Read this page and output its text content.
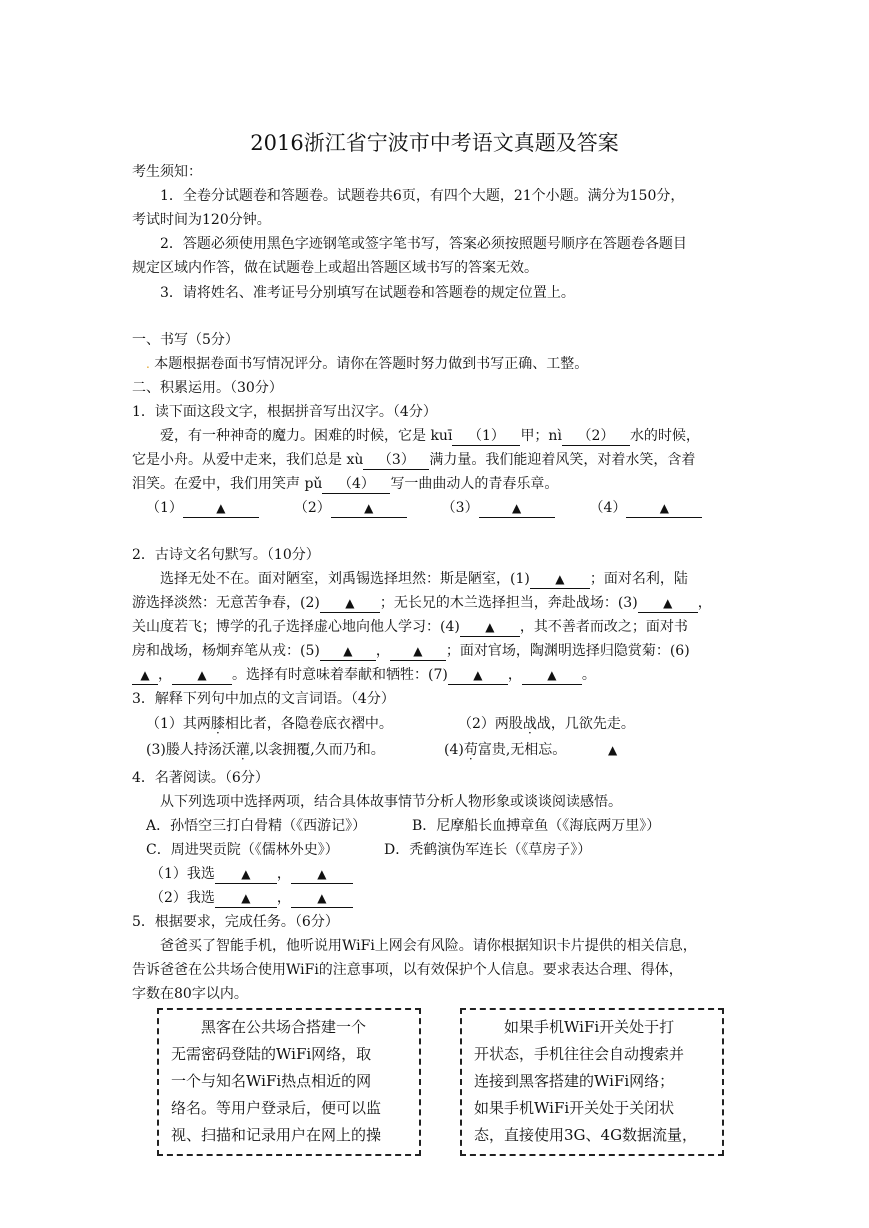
2016浙江省宁波市中考语文真题及答案
考生须知：
1．全卷分试题卷和答题卷。试题卷共6页，有四个大题，21个小题。满分为150分，
考试时间为120分钟。
2．答题必须使用黑色字迹钢笔或签字笔书写，答案必须按照题号顺序在答题卷各题目
规定区域内作答，做在试题卷上或超出答题区域书写的答案无效。
3．请将姓名、准考证号分别填写在试题卷和答题卷的规定位置上。
一、书写（5分）
. 本题根据卷面书写情况评分。请你在答题时努力做到书写正确、工整。
二、积累运用。（30分）
1．读下面这段文字，根据拼音写出汉字。（4分）
爱，有一种神奇的魔力。困难的时候，它是 kuī （1） 甲；nì （2） 水的时候，
它是小舟。从爱中走来，我们总是 xù （3） 满力量。我们能迎着风笑，对着水笑，含着
泪笑。在爱中，我们用笑声 pǔ （4） 写一曲曲动人的青春乐章。
（1）	▲	（2）	▲	（3）	▲	（4）	▲
2．古诗文名句默写。（10分）
选择无处不在。面对陋室，刘禹锡选择坦然：斯是陋室，(1) ▲ ；面对名利，陆
游选择淡然：无意苦争春，(2) ▲ ；无长兄的木兰选择担当，奔赴战场：(3) ▲ ，
关山度若飞；博学的孔子选择虚心地向他人学习：(4) ▲ ，其不善者而改之；面对书
房和战场，杨炯弃笔从戎：(5) ▲ ， ▲ ；面对官场，陶渊明选择归隐赏菊：(6)
▲ ， ▲ 。选择有时意味着奉献和牺牲：(7) ▲ ， ▲ 。
3．解释下列句中加点的文言词语。（4分）
（1）其两膝相比者，各隐卷底衣褶中。	（2）两股战战，几欲先走。
(3)媵人持汤沃灌,以衾拥覆,久而乃和。	(4)苟富贵,无相忘。	▲
4．名著阅读。（6分）
从下列选项中选择两项，结合具体故事情节分析人物形象或谈谈阅读感悟。
A．孙悟空三打白骨精（《西游记》）	B．尼摩船长血搏章鱼（《海底两万里》）
C．周进哭贡院（《儒林外史》）	D．秃鹤演伪军连长（《草房子》）
（1）我选 ▲ ， ▲
（2）我选 ▲ ， ▲
5．根据要求，完成任务。（6分）
爸爸买了智能手机，他听说用WiFi上网会有风险。请你根据知识卡片提供的相关信息，
告诉爸爸在公共场合使用WiFi的注意事项，以有效保护个人信息。要求表达合理、得体，
字数在80字以内。

　　黑客在公共场合搭建一个

无需密码登陆的WiFi网络，取

一个与知名WiFi热点相近的网

络名。等用户登录后，便可以监

视、扫描和记录用户在网上的操

　　如果手机WiFi开关处于打

开状态，手机往往会自动搜索并

连接到黑客搭建的WiFi网络；

如果手机WiFi开关处于关闭状

态，直接使用3G、4G数据流量，
